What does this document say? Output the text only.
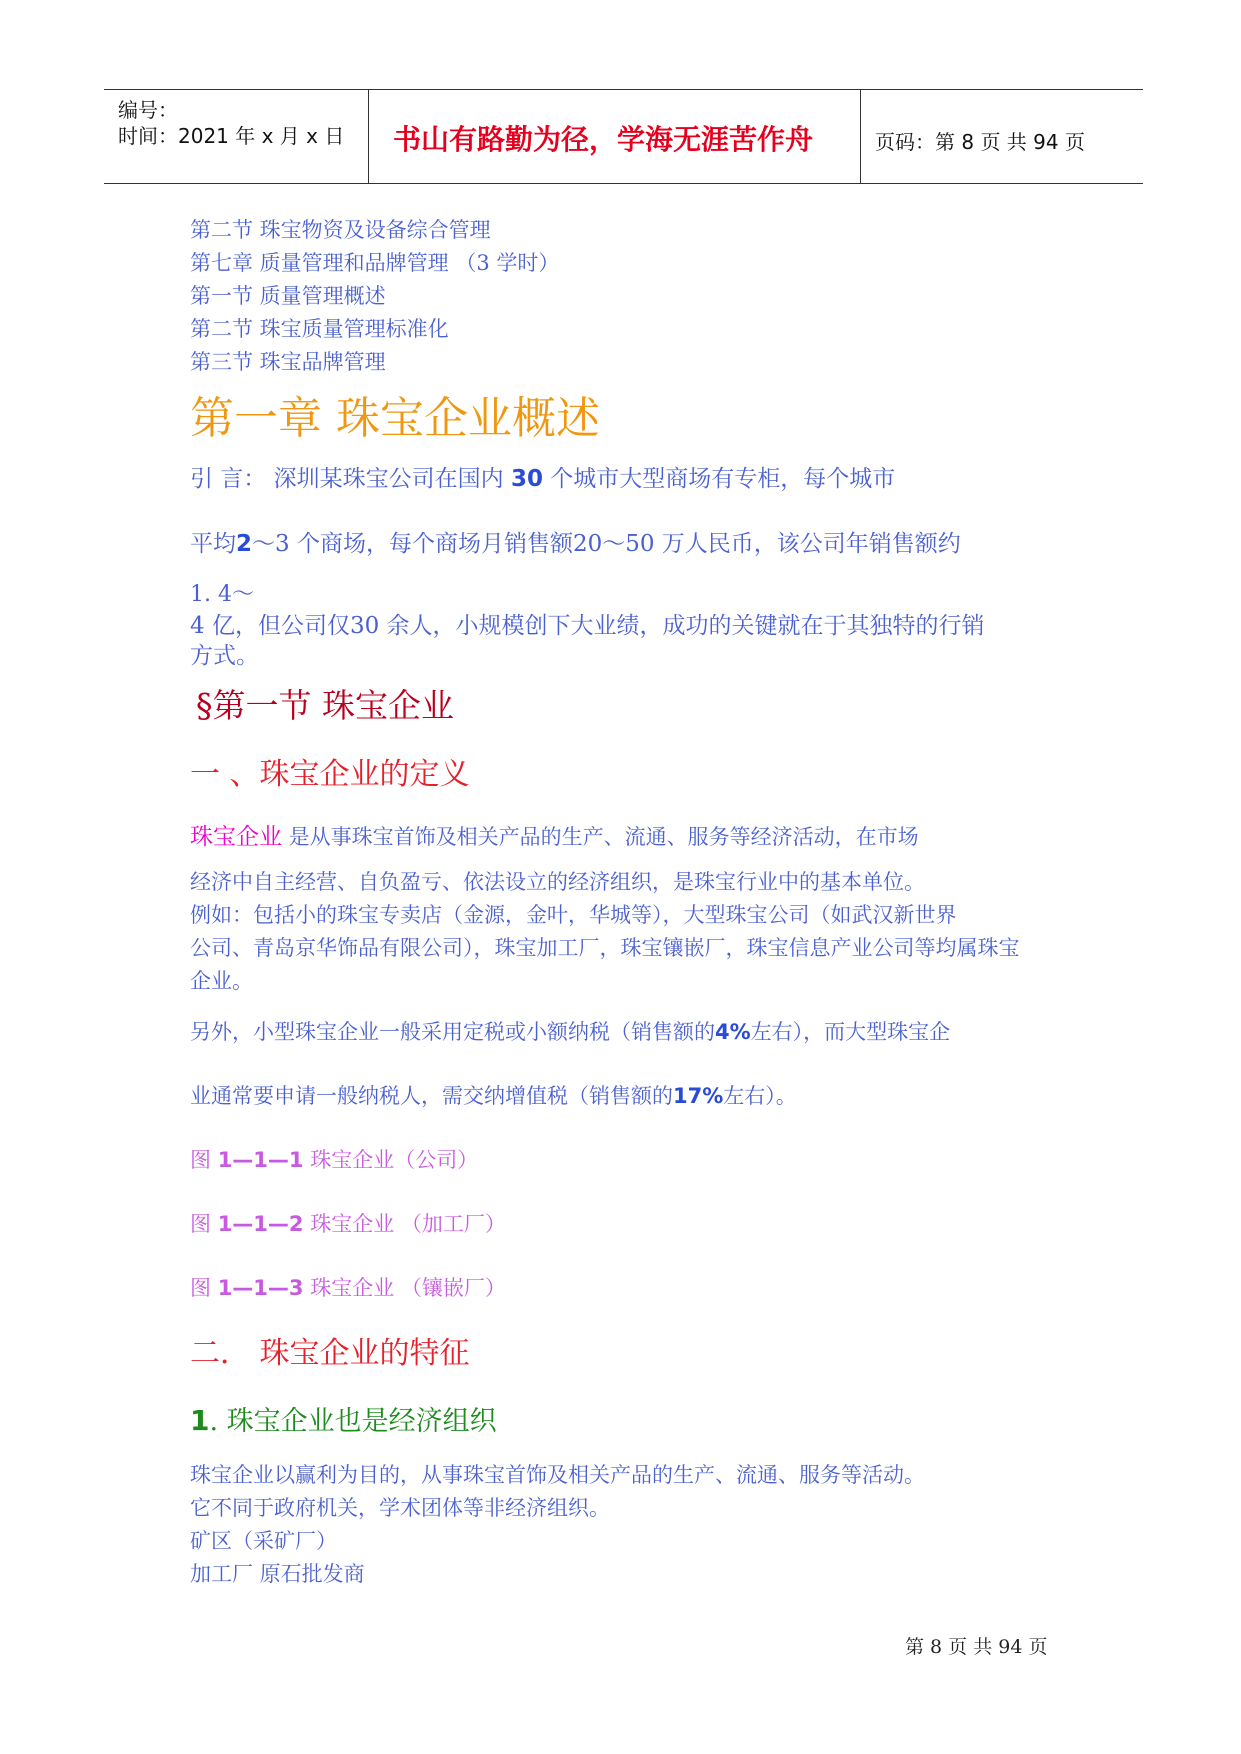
编号：
时间：2021 年 x 月 x 日 书山有路勤为径，学海无涯苦作舟	页码：第 8 页 共 94 页
第二节 珠宝物资及设备综合管理
第七章 质量管理和品牌管理 （3 学时）
第一节 质量管理概述
第二节 珠宝质量管理标准化
第三节 珠宝品牌管理
第一章 珠宝企业概述
引 言： 深圳某珠宝公司在国内 30 个城市大型商场有专柜，每个城市
平均2～3 个商场，每个商场月销售额20～50 万人民币，该公司年销售额约
1. 4～
4 亿，但公司仅30 余人，小规模创下大业绩，成功的关键就在于其独特的行销
方式。
§第一节 珠宝企业
一 、珠宝企业的定义
珠宝企业 是从事珠宝首饰及相关产品的生产、流通、服务等经济活动，在市场
经济中自主经营、自负盈亏、依法设立的经济组织，是珠宝行业中的基本单位。
例如：包括小的珠宝专卖店（金源，金叶，华城等），大型珠宝公司（如武汉新世界
公司、青岛京华饰品有限公司），珠宝加工厂，珠宝镶嵌厂，珠宝信息产业公司等均属珠宝
企业。
另外，小型珠宝企业一般采用定税或小额纳税（销售额的4%左右），而大型珠宝企
业通常要申请一般纳税人，需交纳增值税（销售额的17%左右）。
图 1—1—1 珠宝企业（公司）
图 1—1—2 珠宝企业 （加工厂）
图 1—1—3 珠宝企业 （镶嵌厂）
二． 珠宝企业的特征
1. 珠宝企业也是经济组织
珠宝企业以赢利为目的，从事珠宝首饰及相关产品的生产、流通、服务等活动。
它不同于政府机关，学术团体等非经济组织。
矿区（采矿厂）
加工厂 原石批发商
第 8 页 共 94 页
